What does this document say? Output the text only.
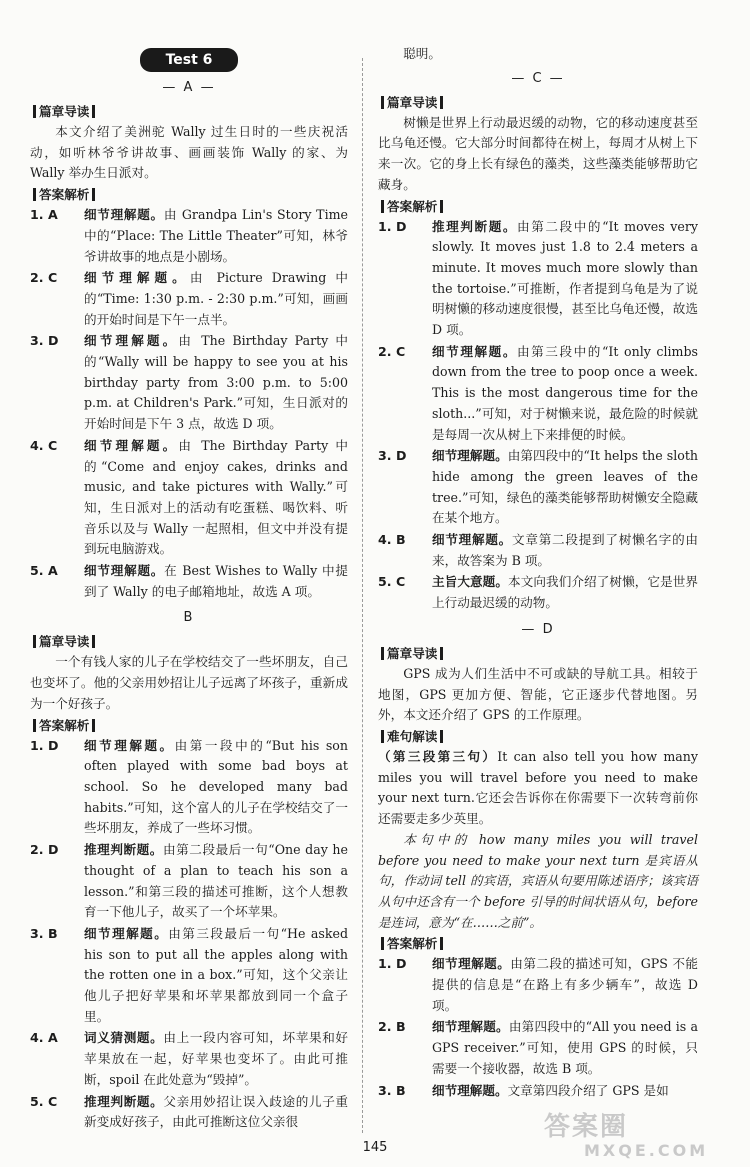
Test 6
— A —
篇章导读

本文介绍了美洲驼 Wally 过生日时的一些庆祝活动，如听林爷爷讲故事、画画装饰 Wally 的家、为 Wally 举办生日派对。

答案解析
1. A	细节理解题。由 Grandpa Lin's Story Time 中的“Place: The Little Theater”可知，林爷爷讲故事的地点是小剧场。
2. C	细节理解题。由 Picture Drawing 中的“Time: 1:30 p.m. - 2:30 p.m.”可知，画画的开始时间是下午一点半。
3. D	细节理解题。由 The Birthday Party 中的“Wally will be happy to see you at his birthday party from 3:00 p.m. to 5:00 p.m. at Children's Park.”可知，生日派对的开始时间是下午 3 点，故选 D 项。
4. C	细节理解题。由 The Birthday Party 中的“Come and enjoy cakes, drinks and music, and take pictures with Wally.”可知，生日派对上的活动有吃蛋糕、喝饮料、听音乐以及与 Wally 一起照相，但文中并没有提到玩电脑游戏。
5. A	细节理解题。在 Best Wishes to Wally 中提到了 Wally 的电子邮箱地址，故选 A 项。
B
篇章导读

一个有钱人家的儿子在学校结交了一些坏朋友，自己也变坏了。他的父亲用妙招让儿子远离了坏孩子，重新成为一个好孩子。

答案解析
1. D	细节理解题。由第一段中的“But his son often played with some bad boys at school. So he developed many bad habits.”可知，这个富人的儿子在学校结交了一些坏朋友，养成了一些坏习惯。
2. D	推理判断题。由第二段最后一句“One day he thought of a plan to teach his son a lesson.”和第三段的描述可推断，这个人想教育一下他儿子，故买了一个坏苹果。
3. B	细节理解题。由第三段最后一句“He asked his son to put all the apples along with the rotten one in a box.”可知，这个父亲让他儿子把好苹果和坏苹果都放到同一个盒子里。
4. A	词义猜测题。由上一段内容可知，坏苹果和好苹果放在一起，好苹果也变坏了。由此可推断，spoil 在此处意为“毁掉”。
5. C	推理判断题。父亲用妙招让误入歧途的儿子重新变成好孩子，由此可推断这位父亲很

聪明。

— C —
篇章导读

树懒是世界上行动最迟缓的动物，它的移动速度甚至比乌龟还慢。它大部分时间都待在树上，每周才从树上下来一次。它的身上长有绿色的藻类，这些藻类能够帮助它藏身。

答案解析
1. D	推理判断题。由第二段中的“It moves very slowly. It moves just 1.8 to 2.4 meters a minute. It moves much more slowly than the tortoise.”可推断，作者提到乌龟是为了说明树懒的移动速度很慢，甚至比乌龟还慢，故选 D 项。
2. C	细节理解题。由第三段中的“It only climbs down from the tree to poop once a week. This is the most dangerous time for the sloth...”可知，对于树懒来说，最危险的时候就是每周一次从树上下来排便的时候。
3. D	细节理解题。由第四段中的“It helps the sloth hide among the green leaves of the tree.”可知，绿色的藻类能够帮助树懒安全隐藏在某个地方。
4. B	细节理解题。文章第二段提到了树懒名字的由来，故答案为 B 项。
5. C	主旨大意题。本文向我们介绍了树懒，它是世界上行动最迟缓的动物。
— D
篇章导读

GPS 成为人们生活中不可或缺的导航工具。相较于地图，GPS 更加方便、智能，它正逐步代替地图。另外，本文还介绍了 GPS 的工作原理。

难句解读

（第三段第三句）It can also tell you how many miles you will travel before you need to make your next turn.它还会告诉你在你需要下一次转弯前你还需要走多少英里。

本句中的 how many miles you will travel before you need to make your next turn 是宾语从句，作动词 tell 的宾语，宾语从句要用陈述语序；该宾语从句中还含有一个 before 引导的时间状语从句，before 是连词，意为“在……之前”。

答案解析
1. D	细节理解题。由第二段的描述可知，GPS 不能提供的信息是“在路上有多少辆车”，故选 D 项。
2. B	细节理解题。由第四段中的“All you need is a GPS receiver.”可知，使用 GPS 的时候，只需要一个接收器，故选 B 项。
3. B	细节理解题。文章第四段介绍了 GPS 是如
145
答案圈
MXQE.COM
